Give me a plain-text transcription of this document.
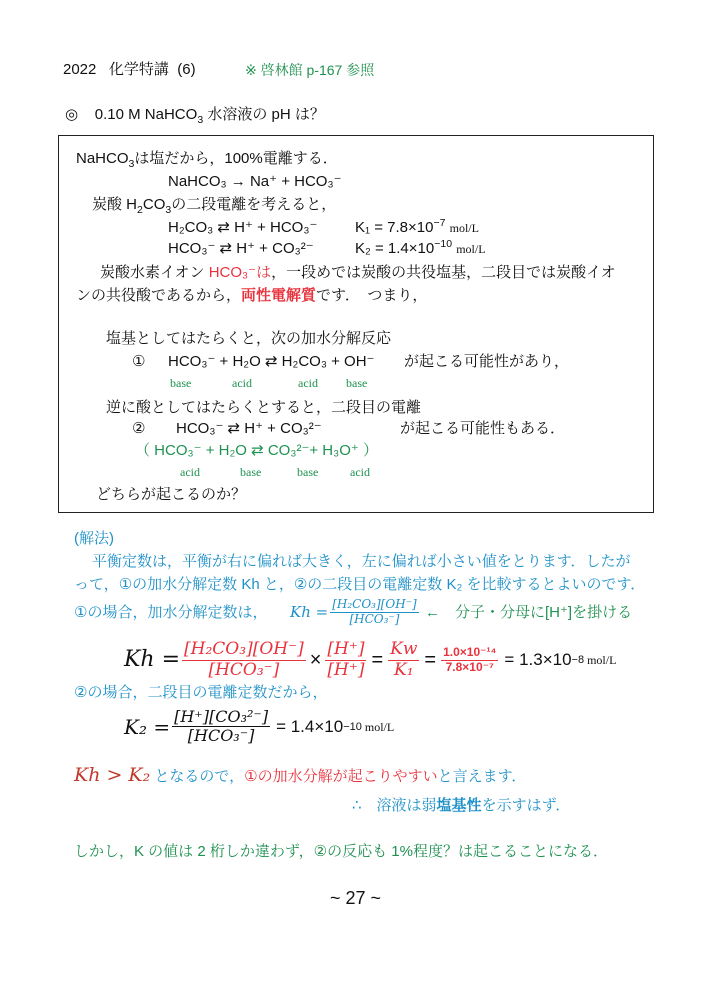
2022 化学特講 (6)	※ 啓林館 p-167 参照
◎ 0.10 M NaHCO$_3$ 水溶液の pH は？
NaHCO$_3$は塩だから，100%電離する．
NaHCO₃ → Na⁺ + HCO₃⁻
炭酸 $H_2CO_3$の二段電離を考えると，
H₂CO₃ ⇄ H⁺ + HCO₃⁻	$K_1 = 7.8\times 10^{-7}$ mol/L
HCO₃⁻ ⇄ H⁺ + CO₃²⁻	$K_2 = 1.4\times 10^{-10}$ mol/L
炭酸水素イオン HCO₃⁻は，一段めでは炭酸の共役塩基，二段目では炭酸イオ
ンの共役酸であるから，両性電解質です．　つまり，
塩基としてはたらくと，次の加水分解反応
① HCO₃⁻ + H₂O ⇄ H₂CO₃ + OH⁻ が起こる可能性があり，
base	acid	acid base
逆に酸としてはたらくとすると，二段目の電離
② HCO₃⁻ ⇄ H⁺ + CO₃²⁻	が起こる可能性もある．
（ HCO₃⁻ + H₂O ⇄ CO₃²⁻+ H₃O⁺ ）
acid	base	base	acid
どちらが起こるのか？
(解法)
平衡定数は，平衡が右に偏れば大きく，左に偏れば小さい値をとります．したが
って，①の加水分解定数 Kh と，②の二段目の電離定数 K₂ を比較するとよいのです．
①の場合，加水分解定数は， $Kh = \frac{\text{[H₂CO₃][OH⁻]}}{\text{[HCO₃⁻]}}$ ←　分子・分母に[H⁺]を掛ける
$Kh = \frac{\text{[H₂CO₃][OH⁻]}}{\text{[HCO₃⁻]}} \times \frac{[H^+]}{[H^+]} = \frac{Kw}{\text{K₁}} = \frac{\text{1.0×10⁻¹⁴}}{\text{7.8×10⁻⁷}} = 1.3\times 10 -8$ mol/L
②の場合，二段目の電離定数だから，
$K_2 = \frac{\text{[H⁺][CO₃²⁻]}}{\text{[HCO₃⁻]}} = 1.4\times 10 -10$ mol/L
Kh > K₂ となるので，①の加水分解が起こりやすいと言えます．
∴　溶液は弱塩基性を示すはず．
しかし，K の値は 2 桁しか違わず，②の反応も 1%程度？は起こることになる．
~ 27 ~
